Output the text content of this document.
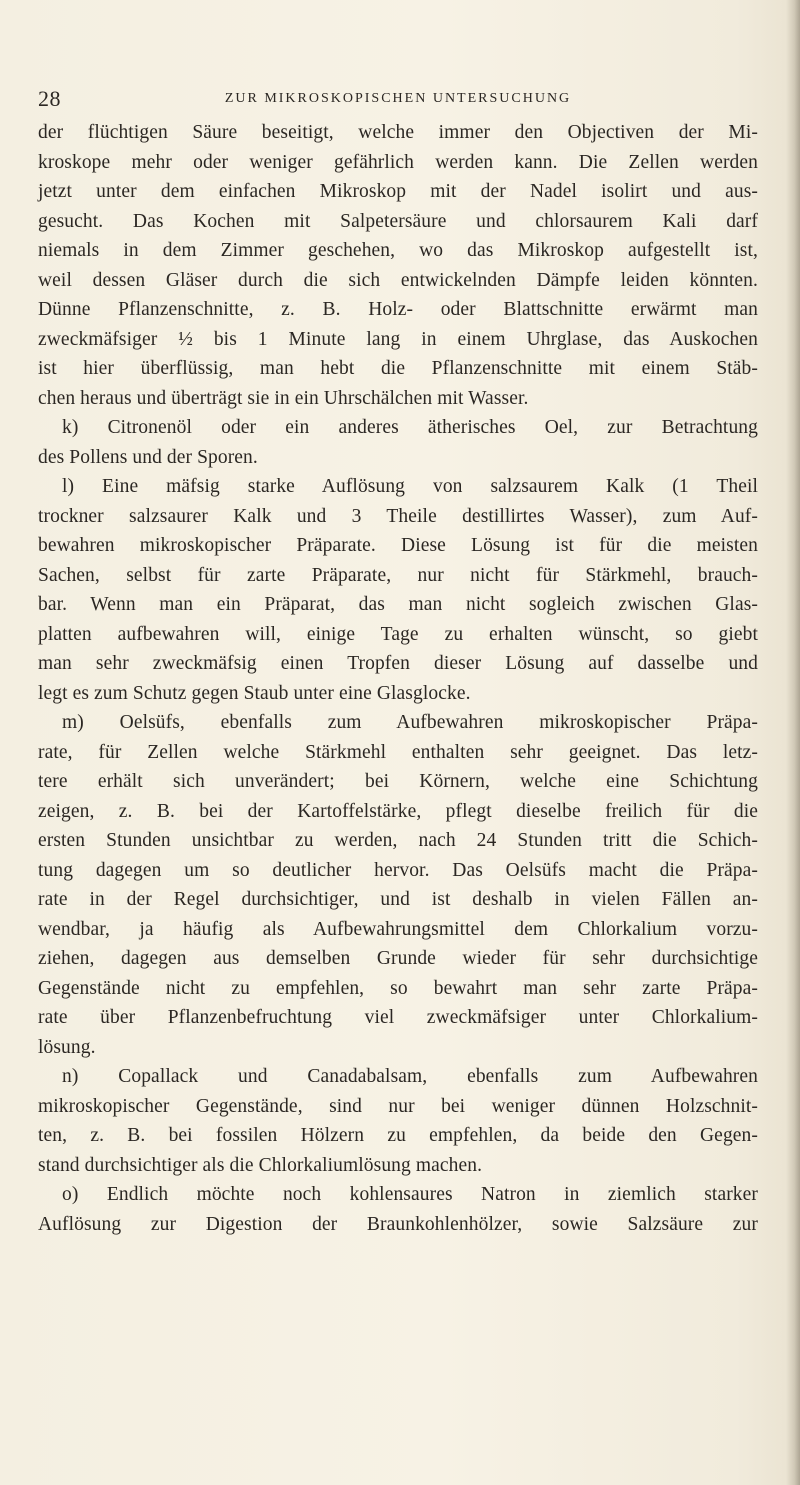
28	ZUR MIKROSKOPISCHEN UNTERSUCHUNG
der flüchtigen Säure beseitigt, welche immer den Objectiven der Mi-
kroskope mehr oder weniger gefährlich werden kann. Die Zellen werden
jetzt unter dem einfachen Mikroskop mit der Nadel isolirt und aus-
gesucht. Das Kochen mit Salpetersäure und chlorsaurem Kali darf
niemals in dem Zimmer geschehen, wo das Mikroskop aufgestellt ist,
weil dessen Gläser durch die sich entwickelnden Dämpfe leiden könnten.
Dünne Pflanzenschnitte, z. B. Holz- oder Blattschnitte erwärmt man
zweckmäfsiger ½ bis 1 Minute lang in einem Uhrglase, das Auskochen
ist hier überflüssig, man hebt die Pflanzenschnitte mit einem Stäb-
chen heraus und überträgt sie in ein Uhrschälchen mit Wasser.
k) Citronenöl oder ein anderes ätherisches Oel, zur Betrachtung
des Pollens und der Sporen.
l) Eine mäfsig starke Auflösung von salzsaurem Kalk (1 Theil
trockner salzsaurer Kalk und 3 Theile destillirtes Wasser), zum Auf-
bewahren mikroskopischer Präparate. Diese Lösung ist für die meisten
Sachen, selbst für zarte Präparate, nur nicht für Stärkmehl, brauch-
bar. Wenn man ein Präparat, das man nicht sogleich zwischen Glas-
platten aufbewahren will, einige Tage zu erhalten wünscht, so giebt
man sehr zweckmäfsig einen Tropfen dieser Lösung auf dasselbe und
legt es zum Schutz gegen Staub unter eine Glasglocke.
m) Oelsüfs, ebenfalls zum Aufbewahren mikroskopischer Präpa-
rate, für Zellen welche Stärkmehl enthalten sehr geeignet. Das letz-
tere erhält sich unverändert; bei Körnern, welche eine Schichtung
zeigen, z. B. bei der Kartoffelstärke, pflegt dieselbe freilich für die
ersten Stunden unsichtbar zu werden, nach 24 Stunden tritt die Schich-
tung dagegen um so deutlicher hervor. Das Oelsüfs macht die Präpa-
rate in der Regel durchsichtiger, und ist deshalb in vielen Fällen an-
wendbar, ja häufig als Aufbewahrungsmittel dem Chlorkalium vorzu-
ziehen, dagegen aus demselben Grunde wieder für sehr durchsichtige
Gegenstände nicht zu empfehlen, so bewahrt man sehr zarte Präpa-
rate über Pflanzenbefruchtung viel zweckmäfsiger unter Chlorkalium-
lösung.
n) Copallack und Canadabalsam, ebenfalls zum Aufbewahren
mikroskopischer Gegenstände, sind nur bei weniger dünnen Holzschnit-
ten, z. B. bei fossilen Hölzern zu empfehlen, da beide den Gegen-
stand durchsichtiger als die Chlorkaliumlösung machen.
o) Endlich möchte noch kohlensaures Natron in ziemlich starker
Auflösung zur Digestion der Braunkohlenhölzer, sowie Salzsäure zur
